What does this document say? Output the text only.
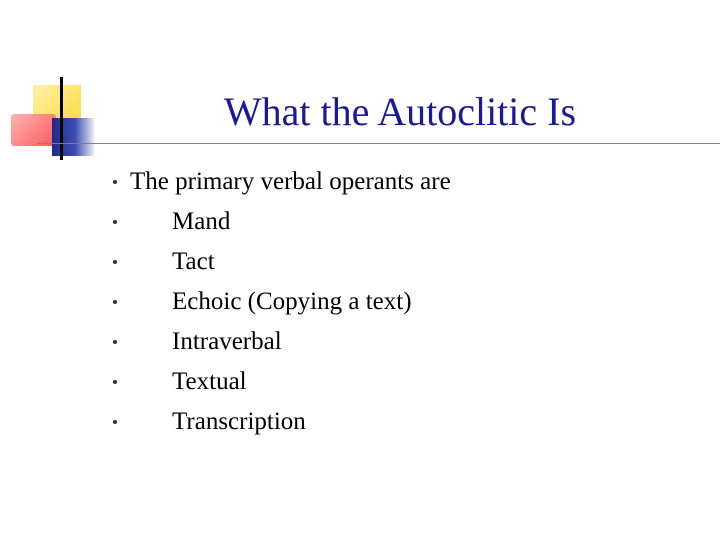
What the Autoclitic Is
The primary verbal operants are
Mand
Tact
Echoic (Copying a text)
Intraverbal
Textual
Transcription
